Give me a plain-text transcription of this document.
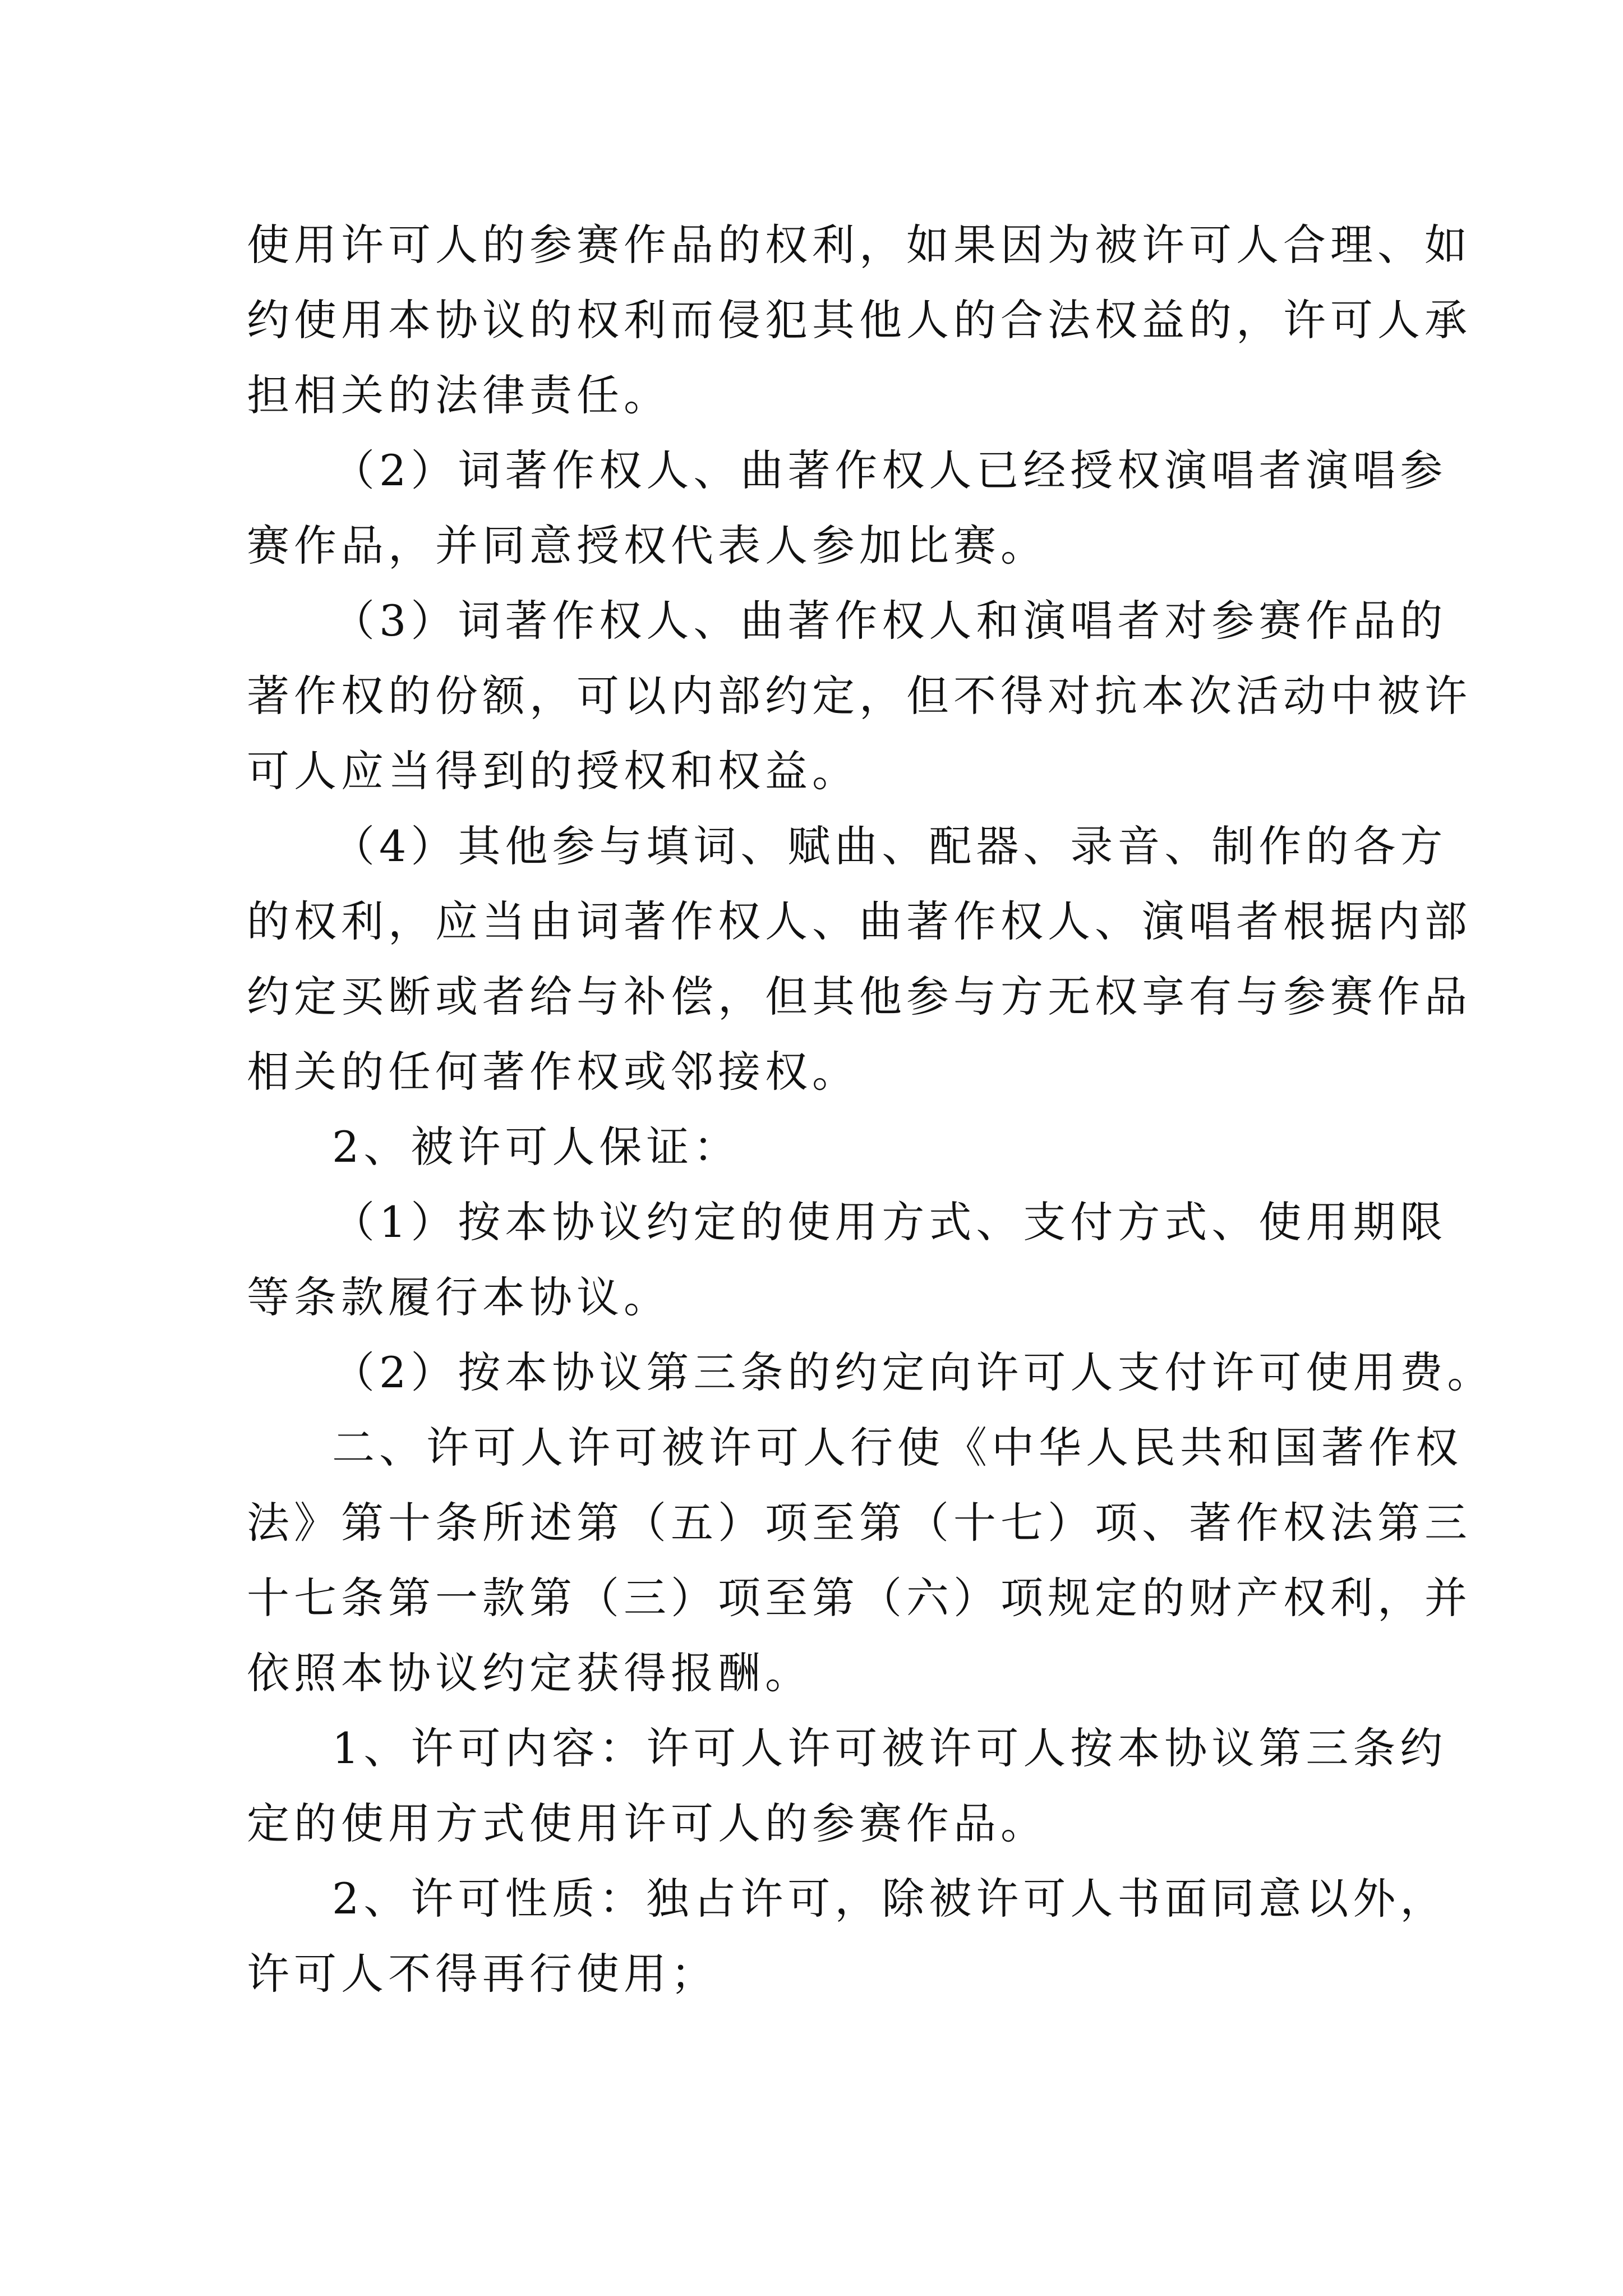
使用许可人的参赛作品的权利，如果因为被许可人合理、如
约使用本协议的权利而侵犯其他人的合法权益的，许可人承
担相关的法律责任。
（2）词著作权人、曲著作权人已经授权演唱者演唱参
赛作品，并同意授权代表人参加比赛。
（3）词著作权人、曲著作权人和演唱者对参赛作品的
著作权的份额，可以内部约定，但不得对抗本次活动中被许
可人应当得到的授权和权益。
（4）其他参与填词、赋曲、配器、录音、制作的各方
的权利，应当由词著作权人、曲著作权人、演唱者根据内部
约定买断或者给与补偿，但其他参与方无权享有与参赛作品
相关的任何著作权或邻接权。
2、被许可人保证：
（1）按本协议约定的使用方式、支付方式、使用期限
等条款履行本协议。
（2）按本协议第三条的约定向许可人支付许可使用费。
二、许可人许可被许可人行使《中华人民共和国著作权
法》第十条所述第（五）项至第（十七）项、著作权法第三
十七条第一款第（三）项至第（六）项规定的财产权利，并
依照本协议约定获得报酬。
1、许可内容：许可人许可被许可人按本协议第三条约
定的使用方式使用许可人的参赛作品。
2、许可性质：独占许可，除被许可人书面同意以外，
许可人不得再行使用；
